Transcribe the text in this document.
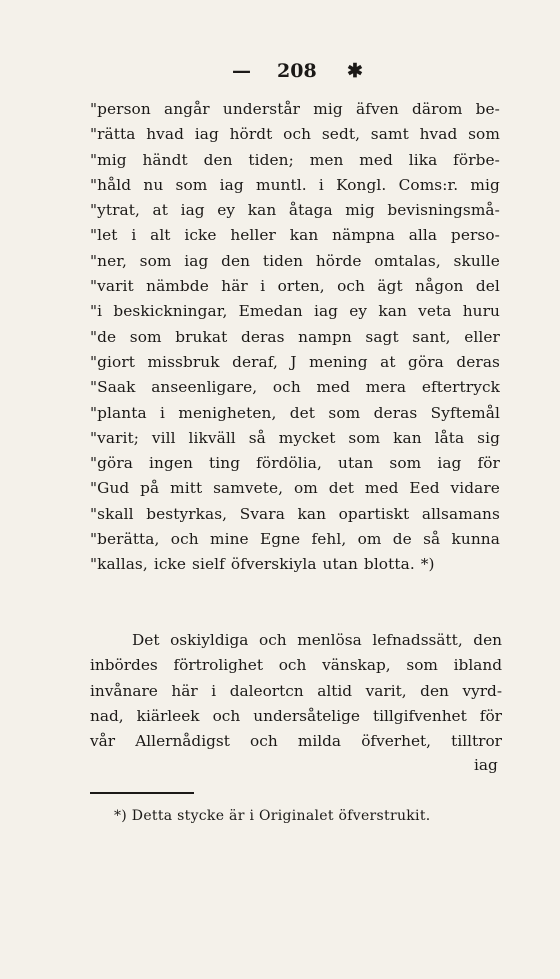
— 208 ✱
"person angår understår mig äfven därom be-
"rätta hvad iag hördt och sedt, samt hvad som
"mig händt den tiden; men med lika förbe-
"håld nu som iag muntl. i Kongl. Coms:r. mig
"ytrat, at iag ey kan åtaga mig bevisningsmå-
"let i alt icke heller kan nämpna alla perso-
"ner, som iag den tiden hörde omtalas, skulle
"varit nämbde här i orten, och ägt någon del
"i beskickningar, Emedan iag ey kan veta huru
"de som brukat deras nampn sagt sant, eller
"giort missbruk deraf, J mening at göra deras
"Saak anseenligare, och med mera eftertryck
"planta i menigheten, det som deras Syftemål
"varit; vill likväll så mycket som kan låta sig
"göra ingen ting fördölia, utan som iag för
"Gud på mitt samvete, om det med Eed vidare
"skall bestyrkas, Svara kan opartiskt allsamans
"berätta, och mine Egne fehl, om de så kunna
"kallas, icke sielf öfverskiyla utan blotta. *)
Det oskiyldiga och menlösa lefnadssätt, den
inbördes förtrolighet och vänskap, som ibland
invånare här i daleortcn altid varit, den vyrd-
nad, kiärleek och undersåtelige tillgifvenhet för
vår Allernådigst och milda öfverhet, tilltror
iag
*) Detta stycke är i Originalet öfverstrukit.
